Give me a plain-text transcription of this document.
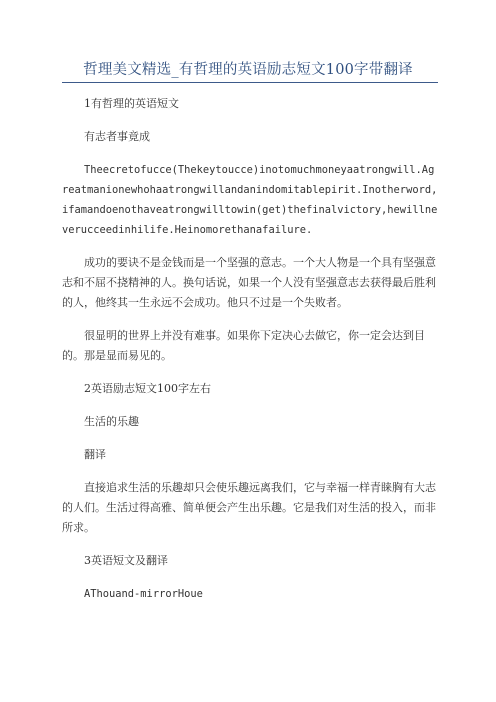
哲理美文精选_有哲理的英语励志短文100字带翻译

1有哲理的英语短文

有志者事竟成

Theecretofucce(Thekeytoucce)inotomuchmoneyaatrongwill.Agreatmanionewhohaatrongwillandanindomitablepirit.Inotherword,ifamandoenothaveatrongwilltowin(get)thefinalvictory,hewillneverucceedinhilife.Heinomorethanafailure.

成功的要诀不是金钱而是一个坚强的意志。一个大人物是一个具有坚强意志和不屈不挠精神的人。换句话说，如果一个人没有坚强意志去获得最后胜利的人，他终其一生永远不会成功。他只不过是一个失败者。

很显明的世界上并没有难事。如果你下定决心去做它，你一定会达到目的。那是显而易见的。

2英语励志短文100字左右

生活的乐趣

翻译

直接追求生活的乐趣却只会使乐趣远离我们，它与幸福一样青睐胸有大志的人们。生活过得高雅、简单便会产生出乐趣。它是我们对生活的投入，而非所求。

3英语短文及翻译

AThouand-mirrorHoue
